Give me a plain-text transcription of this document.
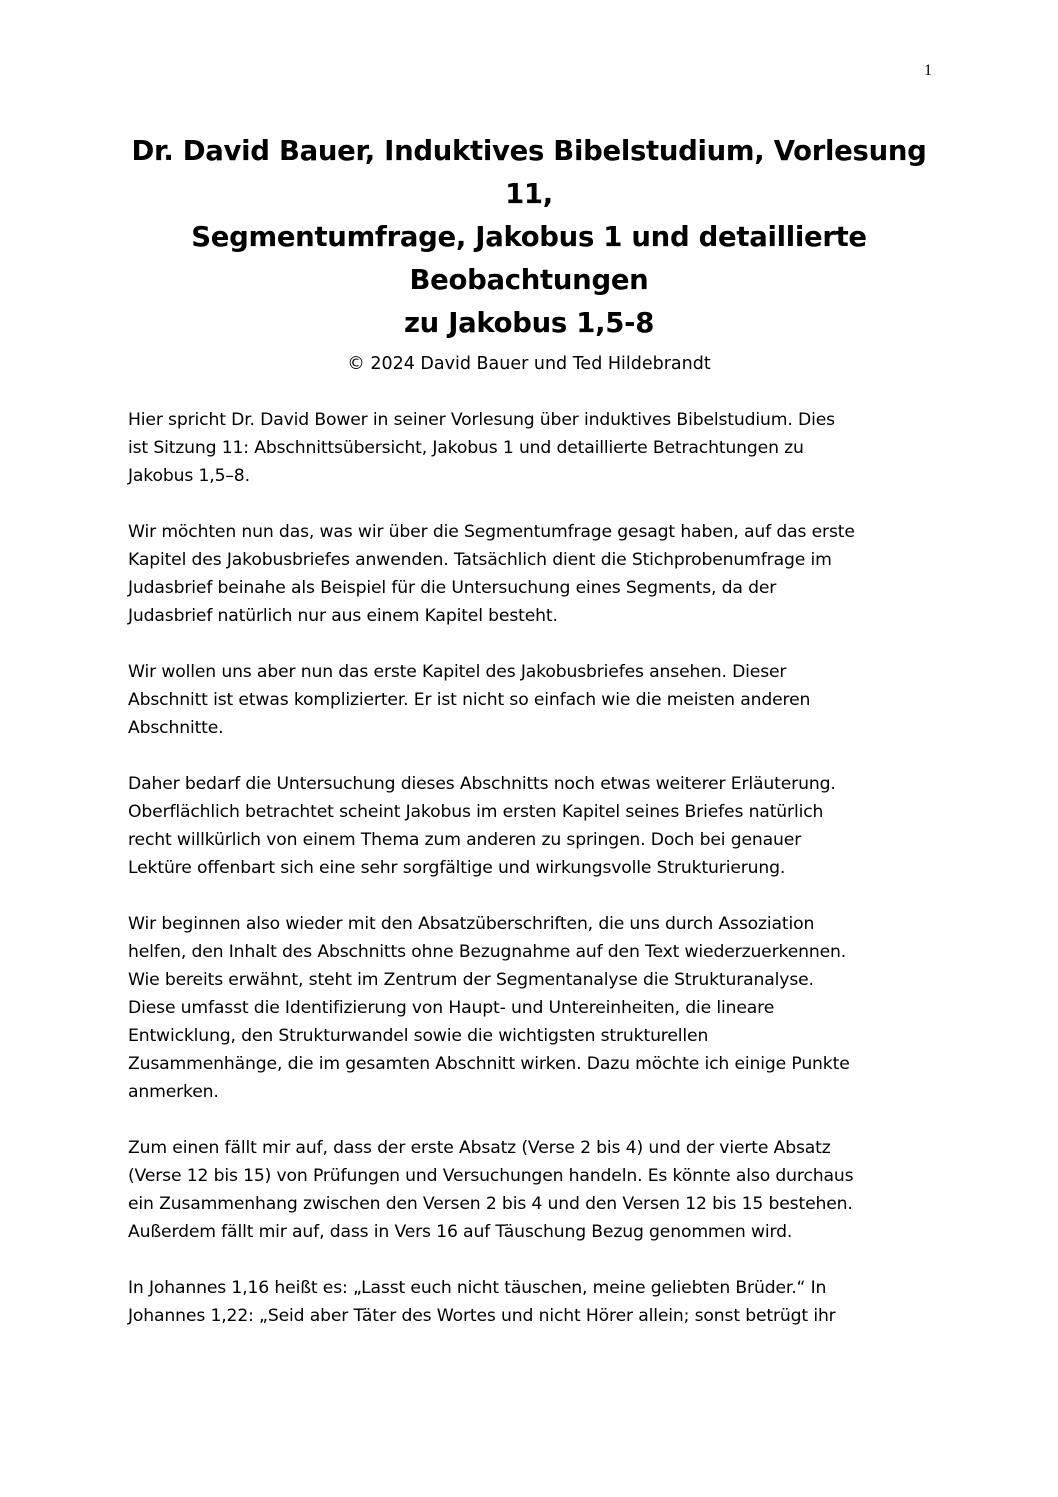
1
Dr. David Bauer, Induktives Bibelstudium, Vorlesung
11,
Segmentumfrage, Jakobus 1 und detaillierte
Beobachtungen
zu Jakobus 1,5-8
© 2024 David Bauer und Ted Hildebrandt

Hier spricht Dr. David Bower in seiner Vorlesung über induktives Bibelstudium. Dies
ist Sitzung 11: Abschnittsübersicht, Jakobus 1 und detaillierte Betrachtungen zu
Jakobus 1,5–8.

Wir möchten nun das, was wir über die Segmentumfrage gesagt haben, auf das erste
Kapitel des Jakobusbriefes anwenden. Tatsächlich dient die Stichprobenumfrage im
Judasbrief beinahe als Beispiel für die Untersuchung eines Segments, da der
Judasbrief natürlich nur aus einem Kapitel besteht.

Wir wollen uns aber nun das erste Kapitel des Jakobusbriefes ansehen. Dieser
Abschnitt ist etwas komplizierter. Er ist nicht so einfach wie die meisten anderen
Abschnitte.

Daher bedarf die Untersuchung dieses Abschnitts noch etwas weiterer Erläuterung.
Oberflächlich betrachtet scheint Jakobus im ersten Kapitel seines Briefes natürlich
recht willkürlich von einem Thema zum anderen zu springen. Doch bei genauer
Lektüre offenbart sich eine sehr sorgfältige und wirkungsvolle Strukturierung.

Wir beginnen also wieder mit den Absatzüberschriften, die uns durch Assoziation
helfen, den Inhalt des Abschnitts ohne Bezugnahme auf den Text wiederzuerkennen.
Wie bereits erwähnt, steht im Zentrum der Segmentanalyse die Strukturanalyse.
Diese umfasst die Identifizierung von Haupt- und Untereinheiten, die lineare
Entwicklung, den Strukturwandel sowie die wichtigsten strukturellen
Zusammenhänge, die im gesamten Abschnitt wirken. Dazu möchte ich einige Punkte
anmerken.

Zum einen fällt mir auf, dass der erste Absatz (Verse 2 bis 4) und der vierte Absatz
(Verse 12 bis 15) von Prüfungen und Versuchungen handeln. Es könnte also durchaus
ein Zusammenhang zwischen den Versen 2 bis 4 und den Versen 12 bis 15 bestehen.
Außerdem fällt mir auf, dass in Vers 16 auf Täuschung Bezug genommen wird.

In Johannes 1,16 heißt es: „Lasst euch nicht täuschen, meine geliebten Brüder.“ In
Johannes 1,22: „Seid aber Täter des Wortes und nicht Hörer allein; sonst betrügt ihr
